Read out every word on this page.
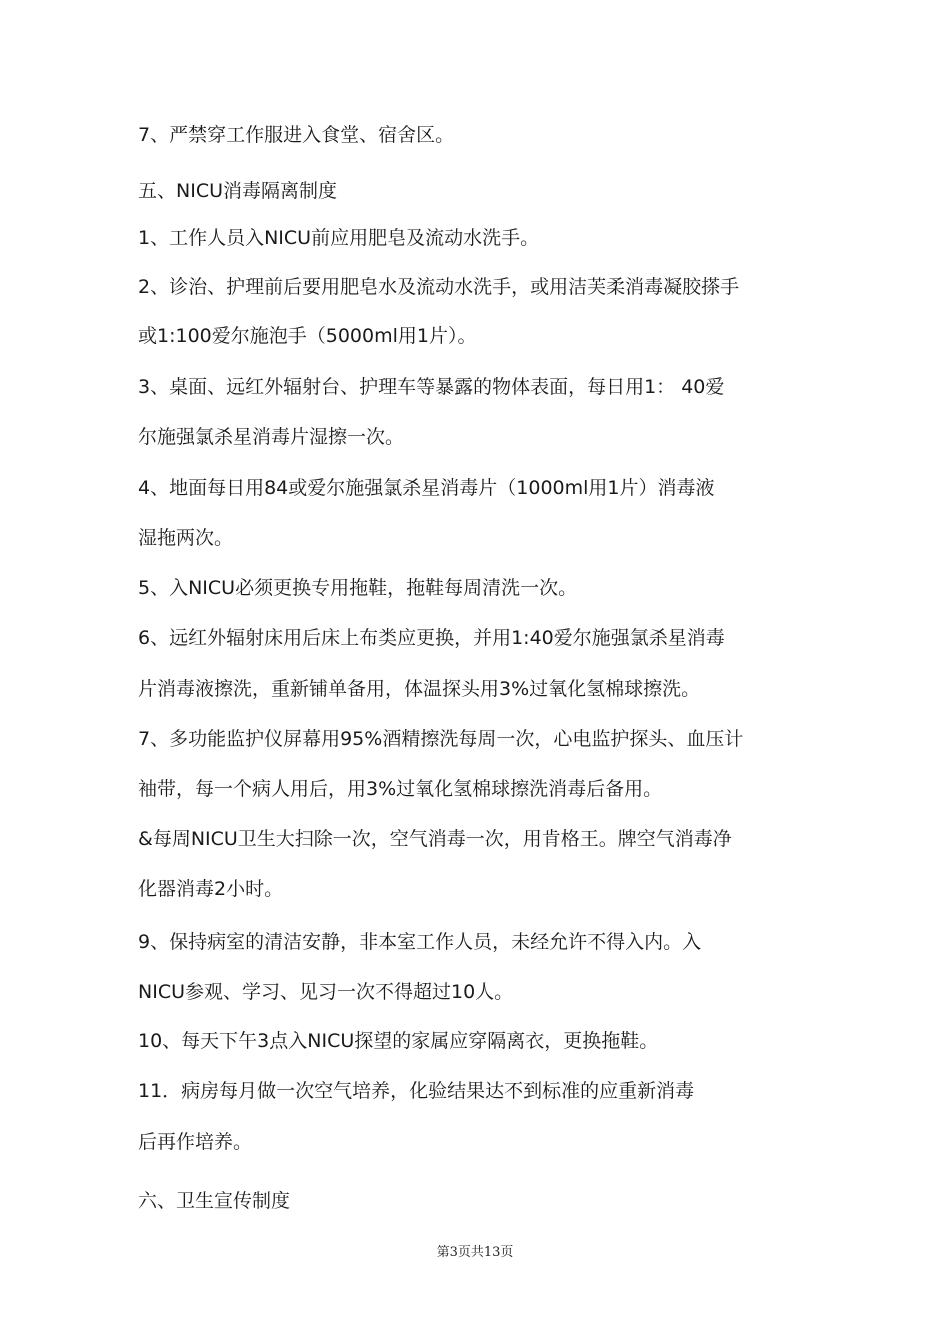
7、严禁穿工作服进入食堂、宿舍区。
五、NICU消毒隔离制度
1、工作人员入NICU前应用肥皂及流动水洗手。
2、诊治、护理前后要用肥皂水及流动水洗手，或用洁芙柔消毒凝胶搽手
或1:100爱尔施泡手（5000ml用1片）。
3、桌面、远红外辐射台、护理车等暴露的物体表面，每日用1： 40爱
尔施强氯杀星消毒片湿擦一次。
4、地面每日用84或爱尔施强氯杀星消毒片（1000ml用1片）消毒液
湿拖两次。
5、入NICU必须更换专用拖鞋，拖鞋每周清洗一次。
6、远红外辐射床用后床上布类应更换，并用1:40爱尔施强氯杀星消毒
片消毒液擦洗，重新铺单备用，体温探头用3%过氧化氢棉球擦洗。
7、多功能监护仪屏幕用95%酒精擦洗每周一次，心电监护探头、血压计
袖带，每一个病人用后，用3%过氧化氢棉球擦洗消毒后备用。
&每周NICU卫生大扫除一次，空气消毒一次，用肯格王。牌空气消毒净
化器消毒2小时。
9、保持病室的清洁安静，非本室工作人员，未经允许不得入内。入
NICU参观、学习、见习一次不得超过10人。
10、每天下午3点入NICU探望的家属应穿隔离衣，更换拖鞋。
11．病房每月做一次空气培养，化验结果达不到标准的应重新消毒
后再作培养。
六、卫生宣传制度
第3页共13页
